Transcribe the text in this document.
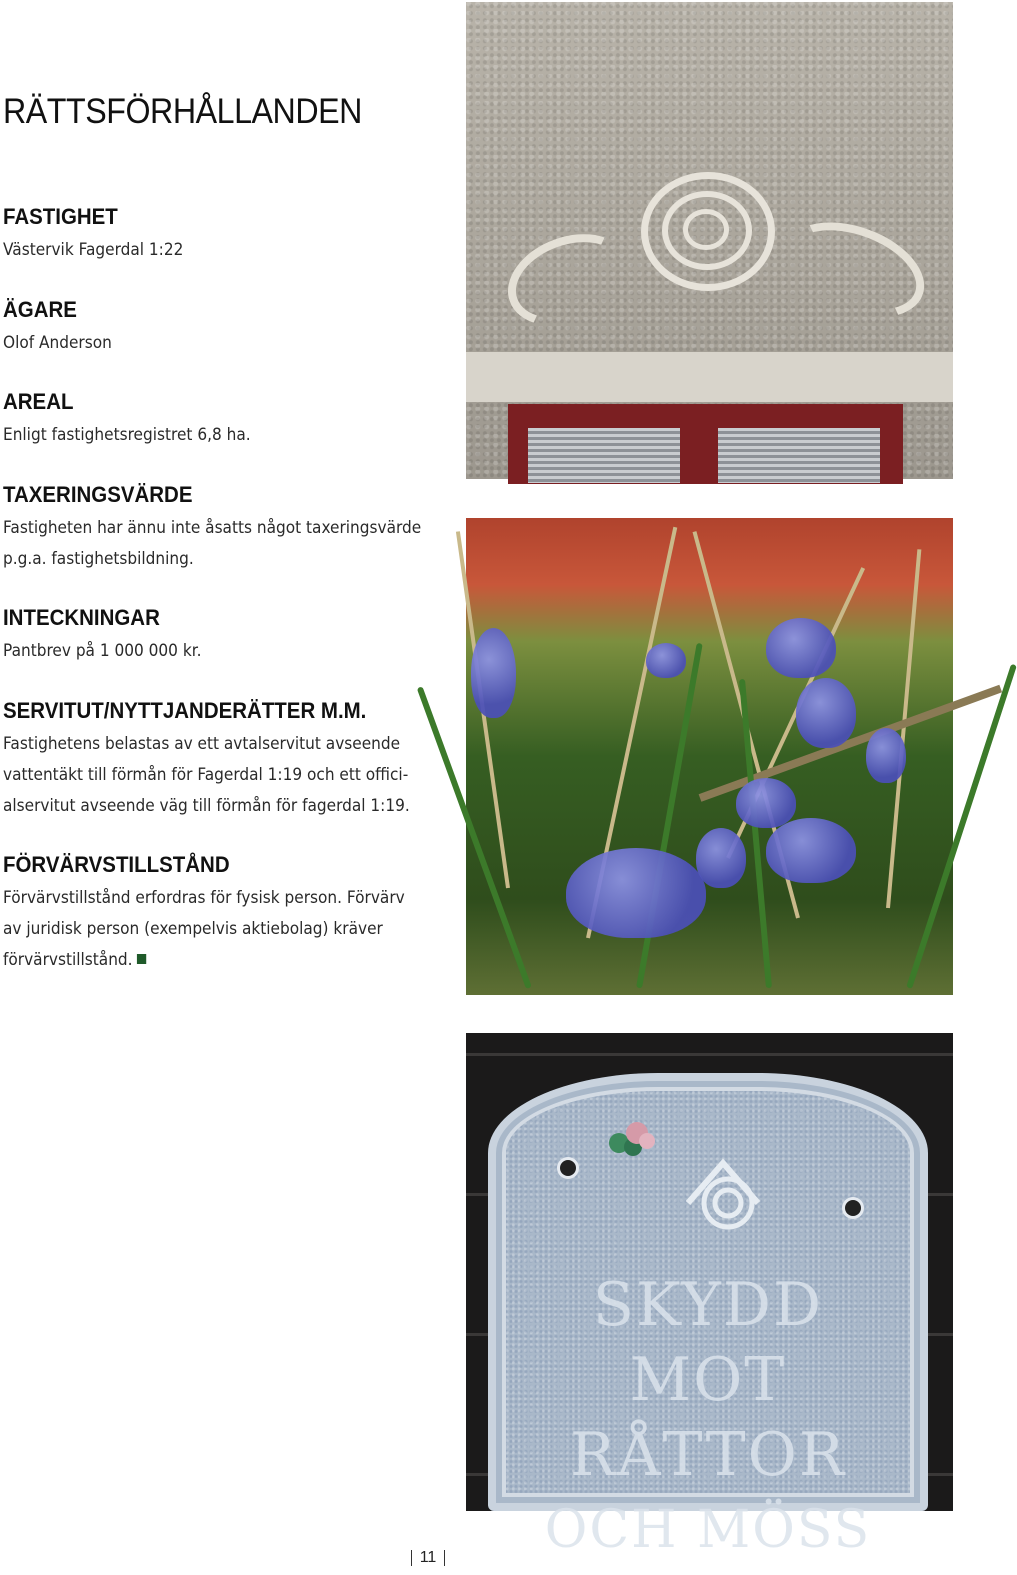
RÄTTSFÖRHÅLLANDEN
FASTIGHET

Västervik Fagerdal 1:22

ÄGARE

Olof Anderson

AREAL

Enligt fastighetsregistret 6,8 ha.

TAXERINGSVÄRDE

Fastigheten har ännu inte åsatts något taxeringsvärde
p.g.a. fastighetsbildning.

INTECKNINGAR

Pantbrev på 1 000 000 kr.

SERVITUT/NYTTJANDERÄTTER M.M.

Fastighetens belastas av ett avtalservitut avseende
vattentäkt till förmån för Fagerdal 1:19 och ett offici-
alservitut avseende väg till förmån för fagerdal 1:19.

FÖRVÄRVSTILLSTÅND

Förvärvstillstånd erfordras för fysisk person. Förvärv
av juridisk person (exempelvis aktiebolag) kräver
förvärvstillstånd.

SKYDD
MOT
RÅTTOR
OCH MÖSS
11
